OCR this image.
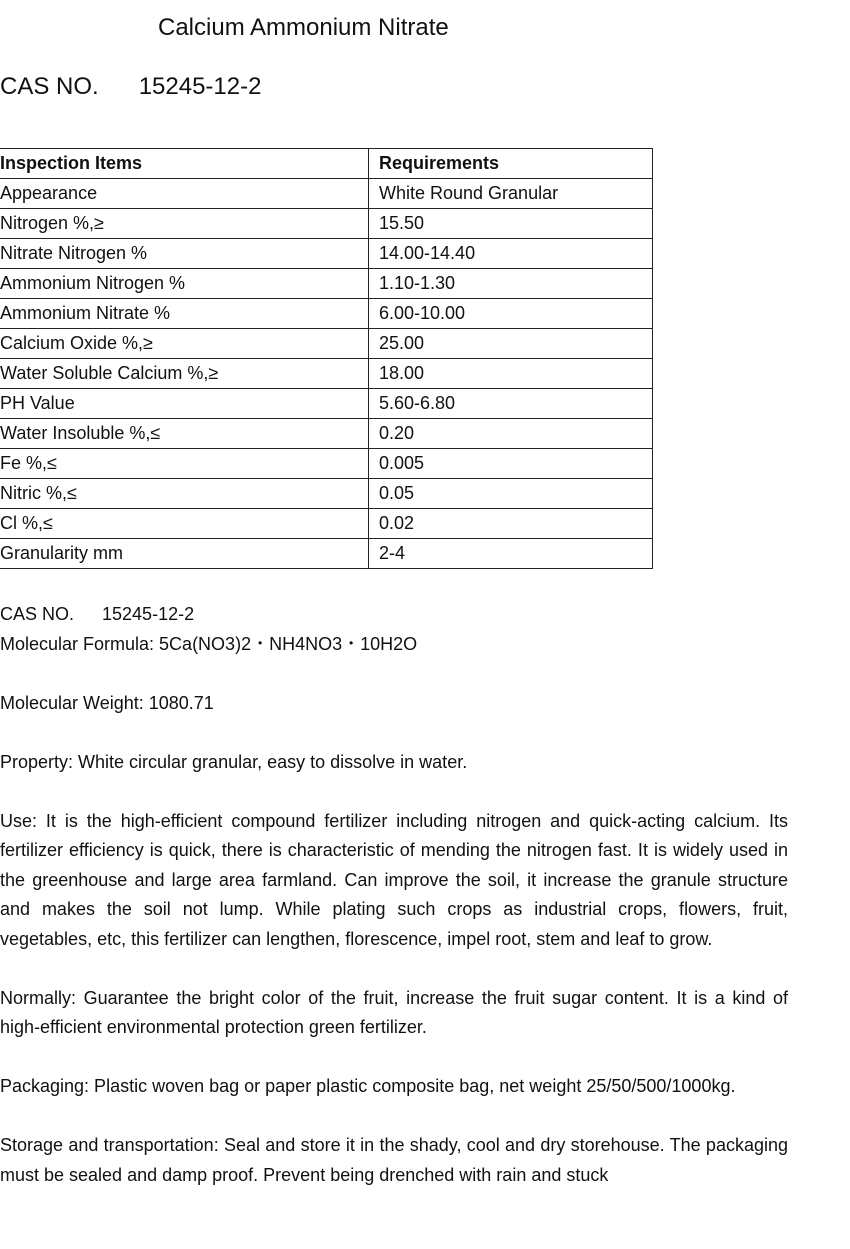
Calcium Ammonium Nitrate
CAS NO. 15245-12-2
Inspection Items	Requirements
Appearance	White Round Granular
Nitrogen %,≥	15.50
Nitrate Nitrogen %	14.00-14.40
Ammonium Nitrogen %	1.10-1.30
Ammonium Nitrate %	6.00-10.00
Calcium Oxide %,≥	25.00
Water Soluble Calcium %,≥	18.00
PH Value	5.60-6.80
Water Insoluble %,≤	0.20
Fe %,≤	0.005
Nitric %,≤	0.05
Cl %,≤	0.02
Granularity mm	2-4

CAS NO. 15245-12-2

Molecular Formula: 5Ca(NO3)2・NH4NO3・10H2O

Molecular Weight: 1080.71

Property: White circular granular, easy to dissolve in water.

Use: It is the high-efficient compound fertilizer including nitrogen and quick-acting calcium. Its fertilizer efficiency is quick, there is characteristic of mending the nitrogen fast. It is widely used in the greenhouse and large area farmland. Can improve the soil, it increase the granule structure and makes the soil not lump. While plating such crops as industrial crops, flowers, fruit, vegetables, etc, this fertilizer can lengthen, florescence, impel root, stem and leaf to grow.

Normally: Guarantee the bright color of the fruit, increase the fruit sugar content. It is a kind of high-efficient environmental protection green fertilizer.

Packaging: Plastic woven bag or paper plastic composite bag, net weight 25/50/500/1000kg.

Storage and transportation: Seal and store it in the shady, cool and dry storehouse. The packaging must be sealed and damp proof. Prevent being drenched with rain and stuck
